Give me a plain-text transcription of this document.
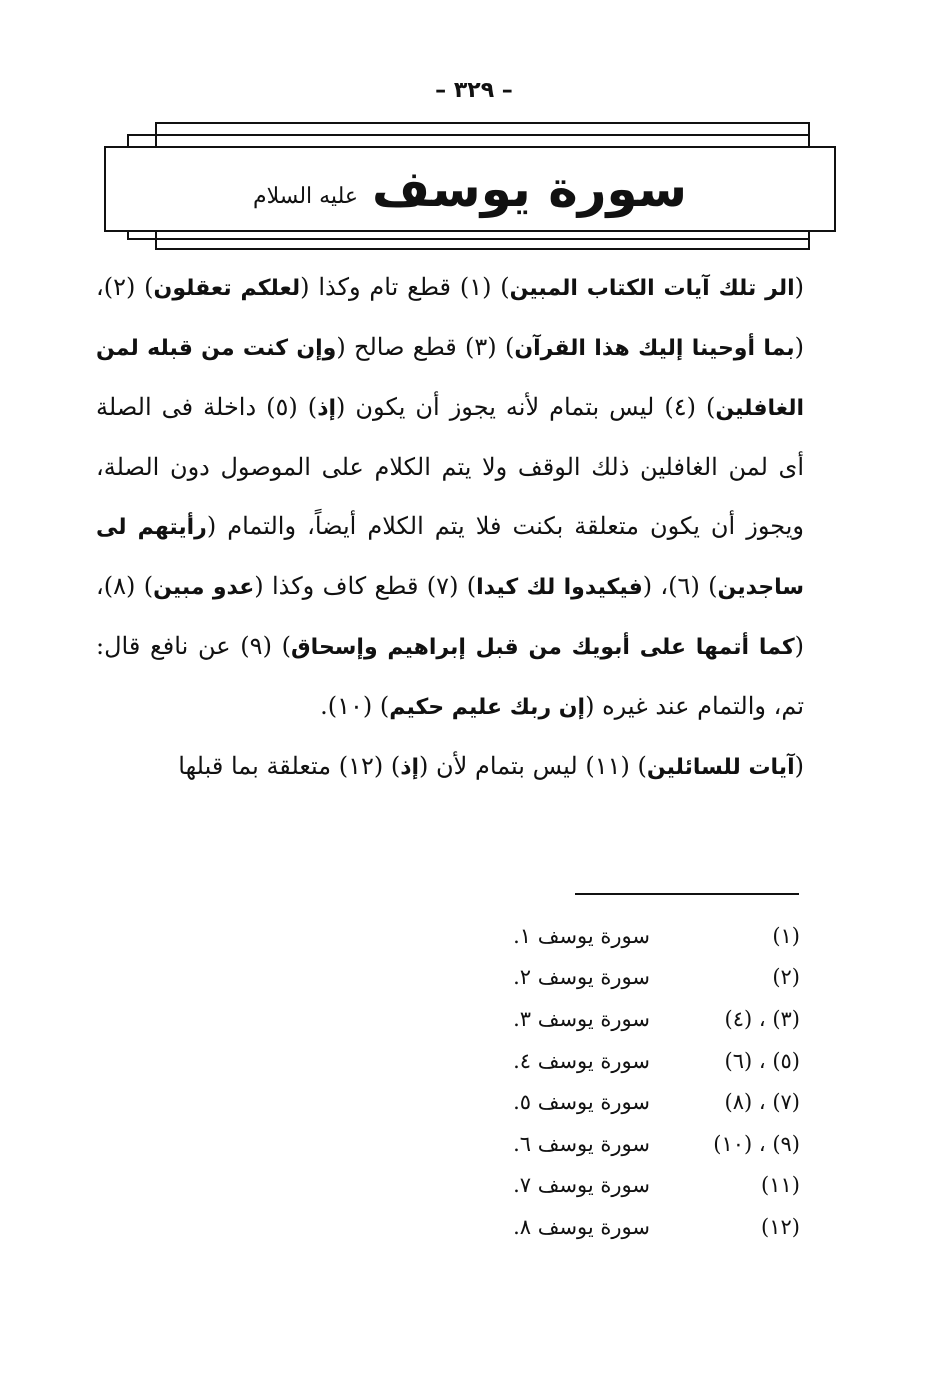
– ٣٢٩ –
سورة يوسف
عليه السلام
(الر تلك آيات الكتاب المبين) (١) قطع تام وكذا (لعلكم تعقلون) (٢)، (بما أوحينا إليك هذا القرآن) (٣) قطع صالح (وإن كنت من قبله لمن الغافلين) (٤) ليس بتمام لأنه يجوز أن يكون (إذ) (٥) داخلة فى الصلة أى لمن الغافلين ذلك الوقف ولا يتم الكلام على الموصول دون الصلة، ويجوز أن يكون متعلقة بكنت فلا يتم الكلام أيضاً، والتمام (رأيتهم لى ساجدين) (٦)، (فيكيدوا لك كيدا) (٧) قطع كاف وكذا (عدو مبين) (٨)، (كما أتمها على أبويك من قبل إبراهيم وإسحاق) (٩) عن نافع قال: تم، والتمام عند غيره (إن ربك عليم حكيم) (١٠).
(آيات للسائلين) (١١) ليس بتمام لأن (إذ) (١٢) متعلقة بما قبلها
(١)
سورة يوسف ١.
(٢)
سورة يوسف ٢.
(٣) ، (٤)
سورة يوسف ٣.
(٥) ، (٦)
سورة يوسف ٤.
(٧) ، (٨)
سورة يوسف ٥.
(٩) ، (١٠)
سورة يوسف ٦.
(١١)
سورة يوسف ٧.
(١٢)
سورة يوسف ٨.
